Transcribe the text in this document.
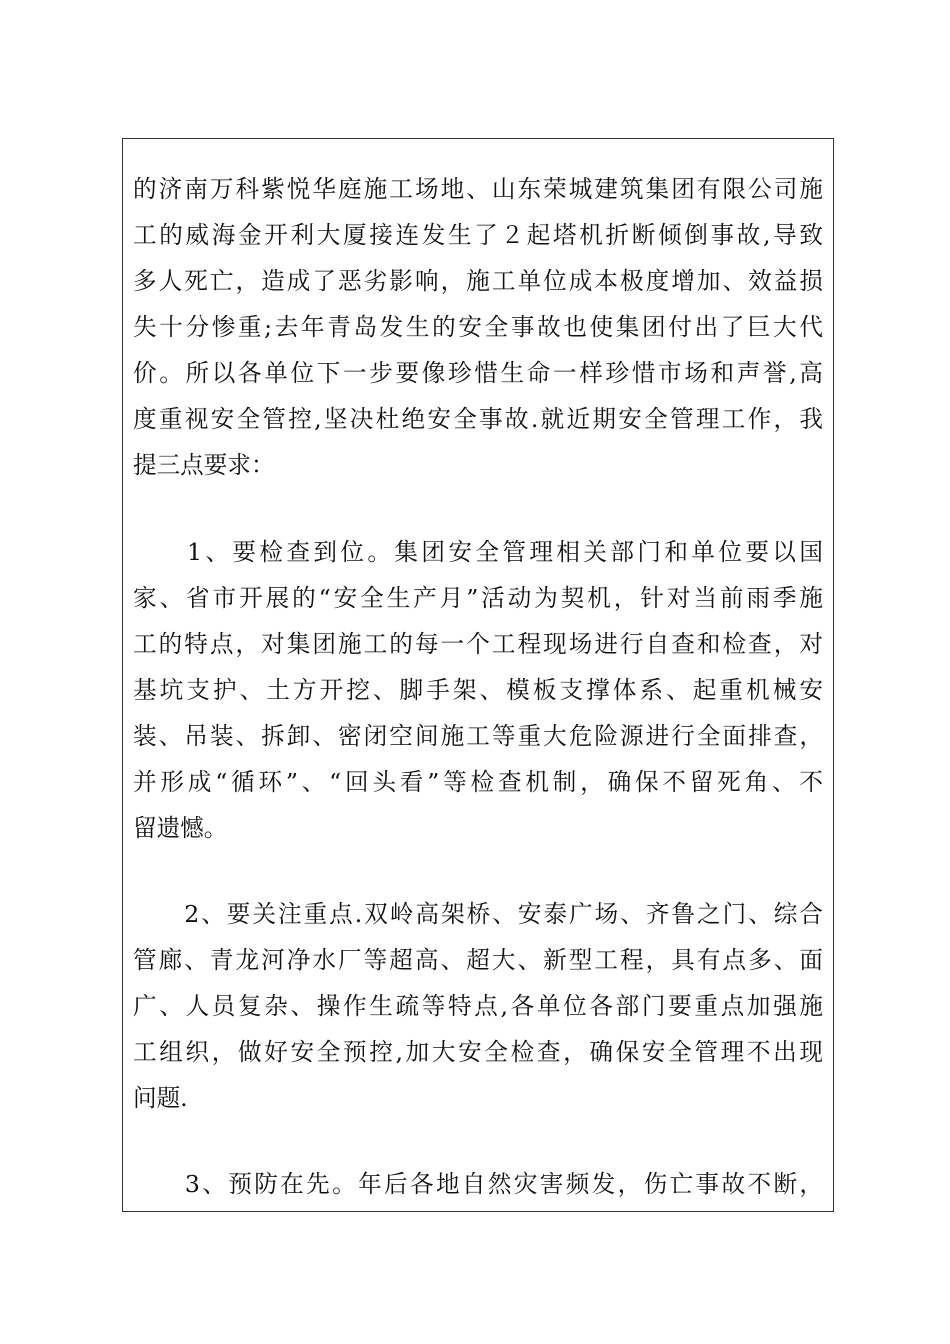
的济南万科紫悦华庭施工场地、山东荣城建筑集团有限公司施
工的威海金开利大厦接连发生了２起塔机折断倾倒事故,导致
多人死亡，造成了恶劣影响，施工单位成本极度增加、效益损
失十分惨重;去年青岛发生的安全事故也使集团付出了巨大代
价。所以各单位下一步要像珍惜生命一样珍惜市场和声誉,高
度重视安全管控,坚决杜绝安全事故.就近期安全管理工作，我
提三点要求：
　　1、要检查到位。集团安全管理相关部门和单位要以国
家、省市开展的“安全生产月”活动为契机，针对当前雨季施
工的特点，对集团施工的每一个工程现场进行自查和检查，对
基坑支护、土方开挖、脚手架、模板支撑体系、起重机械安
装、吊装、拆卸、密闭空间施工等重大危险源进行全面排查，
并形成“循环”、“回头看”等检查机制，确保不留死角、不
留遗憾。
　　2、要关注重点.双岭高架桥、安泰广场、齐鲁之门、综合
管廊、青龙河净水厂等超高、超大、新型工程，具有点多、面
广、人员复杂、操作生疏等特点,各单位各部门要重点加强施
工组织，做好安全预控,加大安全检查，确保安全管理不出现
问题.
　　3、预防在先。年后各地自然灾害频发，伤亡事故不断，
